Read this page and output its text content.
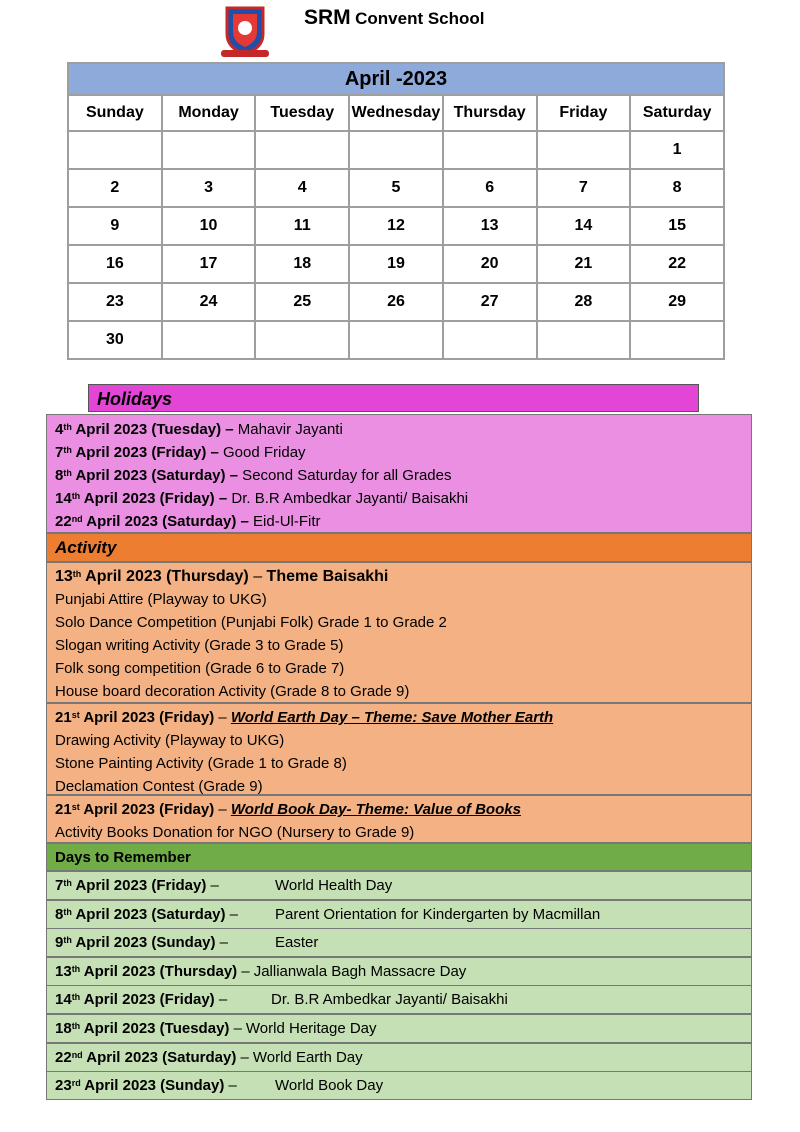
SRM Convent School
April -2023						
Sunday	Monday	Tuesday	Wednesday	Thursday	Friday	Saturday
						1
2	3	4	5	6	7	8
9	10	11	12	13	14	15
16	17	18	19	20	21	22
23	24	25	26	27	28	29
30						
Holidays
4th April 2023 (Tuesday) – Mahavir Jayanti
7th April 2023 (Friday) – Good Friday
8th April 2023 (Saturday) – Second Saturday for all Grades
14th April 2023 (Friday) – Dr. B.R Ambedkar Jayanti/ Baisakhi
22nd April 2023 (Saturday) – Eid-Ul-Fitr
Activity
13th April 2023 (Thursday) – Theme Baisakhi
Punjabi Attire (Playway to UKG)
Solo Dance Competition (Punjabi Folk) Grade 1 to Grade 2
Slogan writing Activity (Grade 3 to Grade 5)
Folk song competition (Grade 6 to Grade 7)
House board decoration Activity (Grade 8 to Grade 9)
21st April 2023 (Friday) – World Earth Day – Theme: Save Mother Earth
Drawing Activity (Playway to UKG)
Stone Painting Activity (Grade 1 to Grade 8)
Declamation Contest (Grade 9)
21st April 2023 (Friday) – World Book Day- Theme: Value of Books
Activity Books Donation for NGO (Nursery to Grade 9)
Days to Remember
7th April 2023 (Friday) –	World Health Day
8th April 2023 (Saturday) – Parent Orientation for Kindergarten by Macmillan
9th April 2023 (Sunday) –	Easter
13th April 2023 (Thursday) – Jallianwala Bagh Massacre Day
14th April 2023 (Friday) –	Dr. B.R Ambedkar Jayanti/ Baisakhi
18th April 2023 (Tuesday) – World Heritage Day
22nd April 2023 (Saturday) – World Earth Day
23rd April 2023 (Sunday) –	World Book Day
